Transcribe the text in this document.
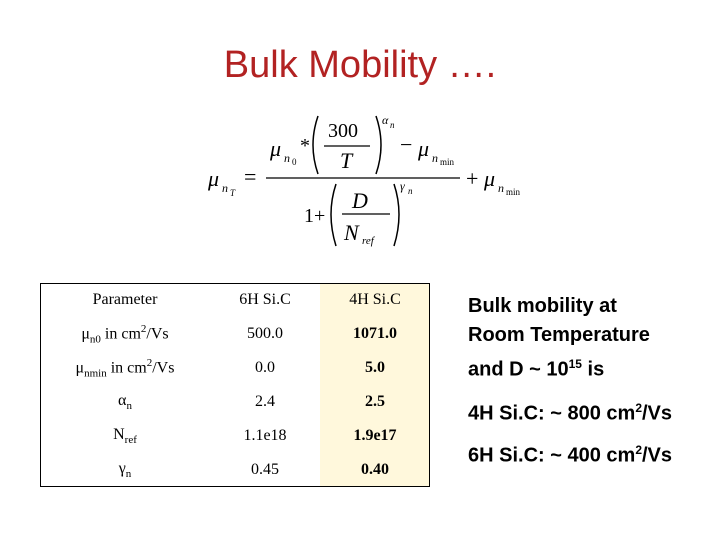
Bulk Mobility ….
μ n T
=
μ n 0
*
300
T
α n
− μ n min
1+
D
N ref
γ n + μ n min
Parameter	6H Si.C	4H Si.C
$\mu_{n0}$ in $cm^2/Vs$	500.0	1071.0
$\mu_{nmin}$ in $cm^2/Vs$	0.0	5.0
$\alpha_n$	2.4	2.5
$N_{ref}$	1.1e18	1.9e17
$\gamma_n$	0.45	0.40
Bulk mobility at
Room Temperature
and D ~ $10^{15}$ is
4H Si.C: ~ 800 $cm^2/Vs$
6H Si.C: ~ 400 $cm^2/Vs$
